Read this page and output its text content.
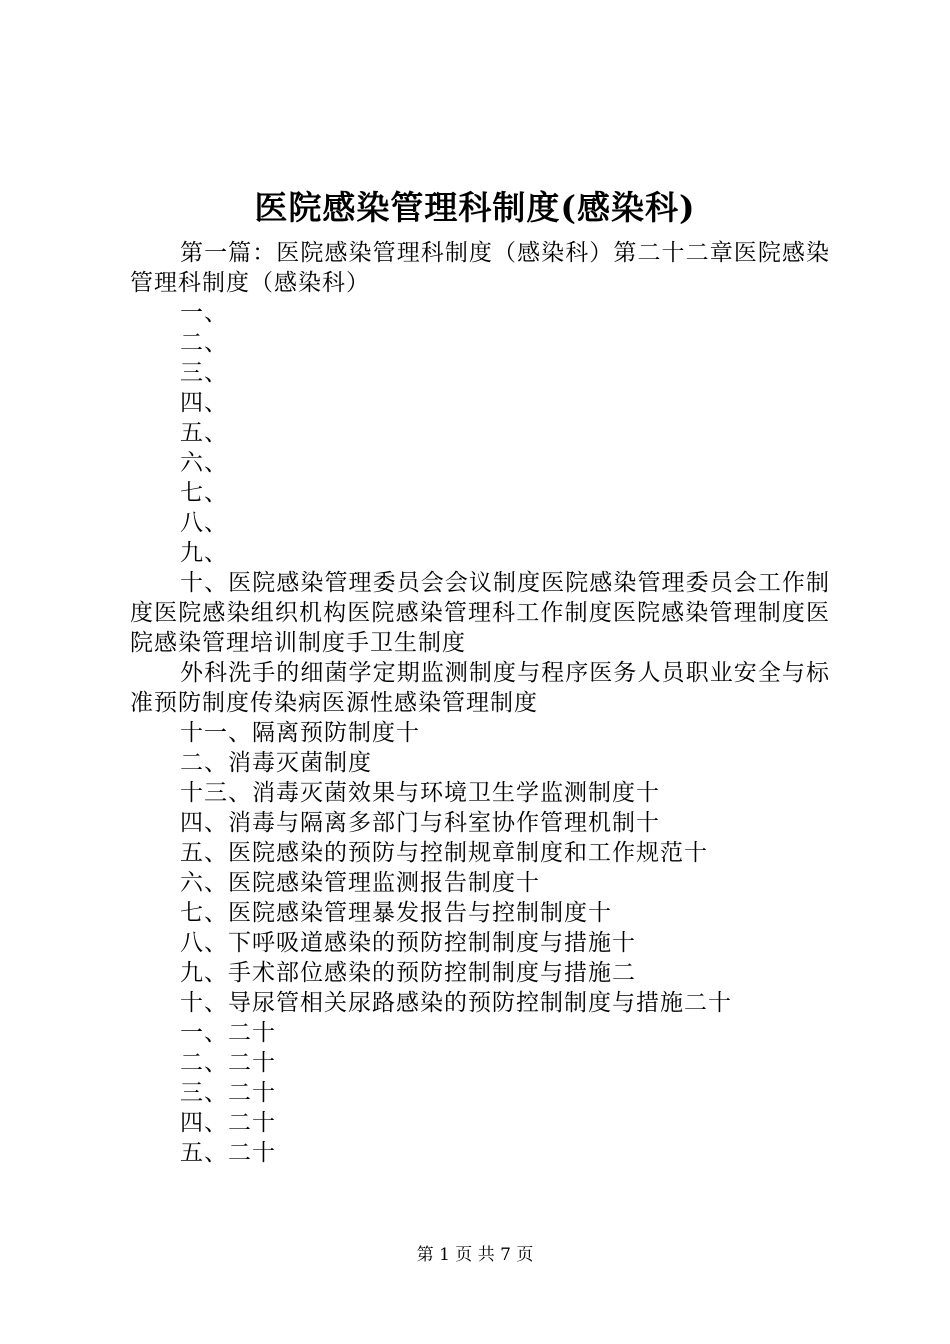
医院感染管理科制度(感染科)

第一篇：医院感染管理科制度（感染科）第二十二章医院感染管理科制度（感染科）

一、

二、

三、

四、

五、

六、

七、

八、

九、

十、医院感染管理委员会会议制度医院感染管理委员会工作制度医院感染组织机构医院感染管理科工作制度医院感染管理制度医院感染管理培训制度手卫生制度

外科洗手的细菌学定期监测制度与程序医务人员职业安全与标准预防制度传染病医源性感染管理制度

十一、隔离预防制度十

二、消毒灭菌制度

十三、消毒灭菌效果与环境卫生学监测制度十

四、消毒与隔离多部门与科室协作管理机制十

五、医院感染的预防与控制规章制度和工作规范十

六、医院感染管理监测报告制度十

七、医院感染管理暴发报告与控制制度十

八、下呼吸道感染的预防控制制度与措施十

九、手术部位感染的预防控制制度与措施二

十、导尿管相关尿路感染的预防控制制度与措施二十

一、二十

二、二十

三、二十

四、二十

五、二十

第 1 页 共 7 页
